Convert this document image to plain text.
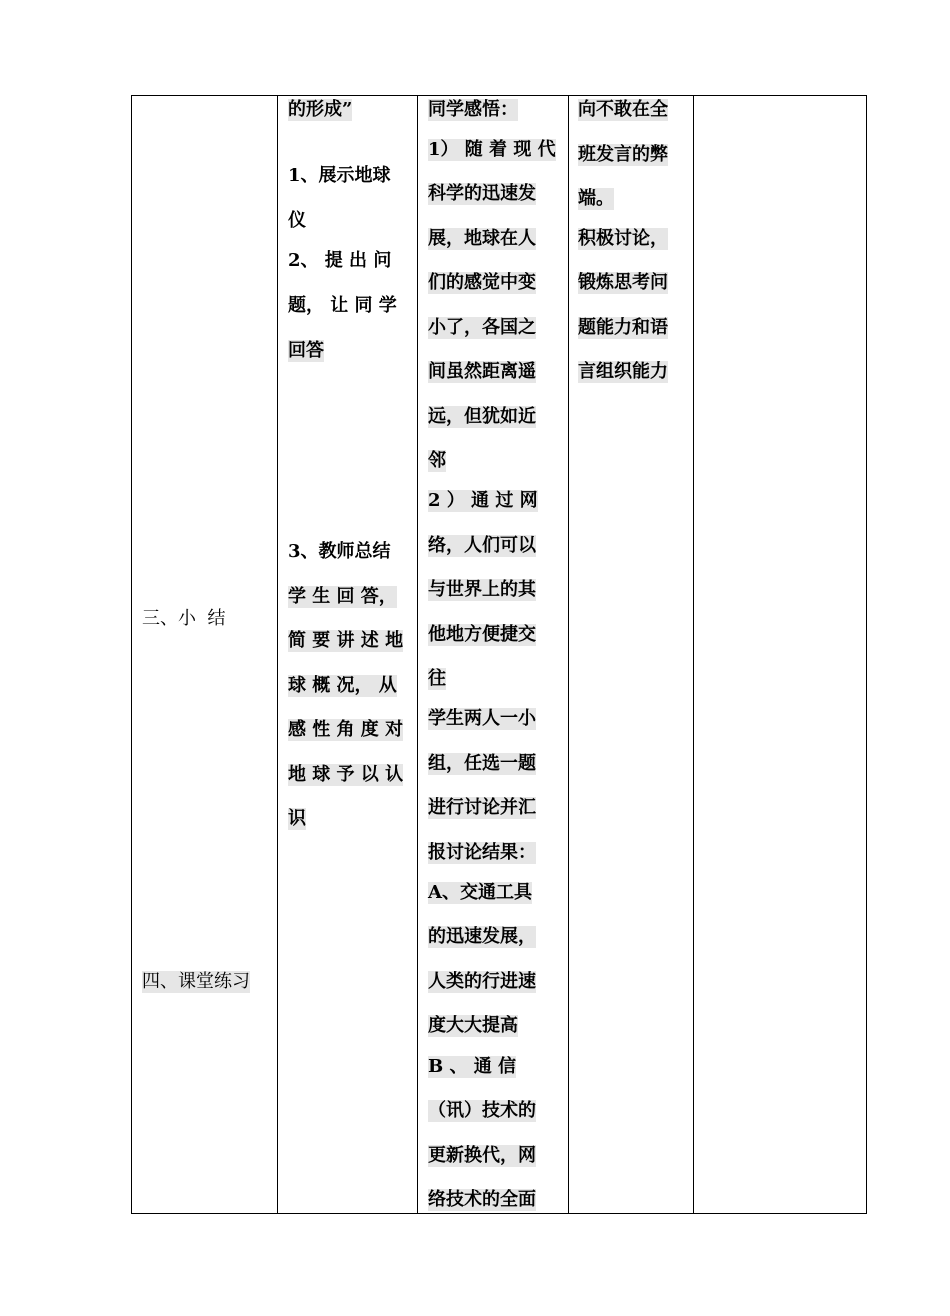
三、小  结
四、课堂练习
的形成”
1、展示地球
仪
2、 提 出 问
题， 让 同 学
回答
3、教师总结
学 生 回 答，
简 要 讲 述 地
球 概 况， 从
感 性 角 度 对
地 球 予 以 认
识
同学感悟：
1） 随 着 现 代
科学的迅速发
展，地球在人
们的感觉中变
小了，各国之
间虽然距离遥
远，但犹如近
邻
2 ） 通 过 网
络，人们可以
与世界上的其
他地方便捷交
往
学生两人一小
组，任选一题
进行讨论并汇
报讨论结果：
A、交通工具
的迅速发展，
人类的行进速
度大大提高
B 、 通 信
（讯）技术的
更新换代，网
络技术的全面
向不敢在全
班发言的弊
端。
积极讨论，
锻炼思考问
题能力和语
言组织能力
